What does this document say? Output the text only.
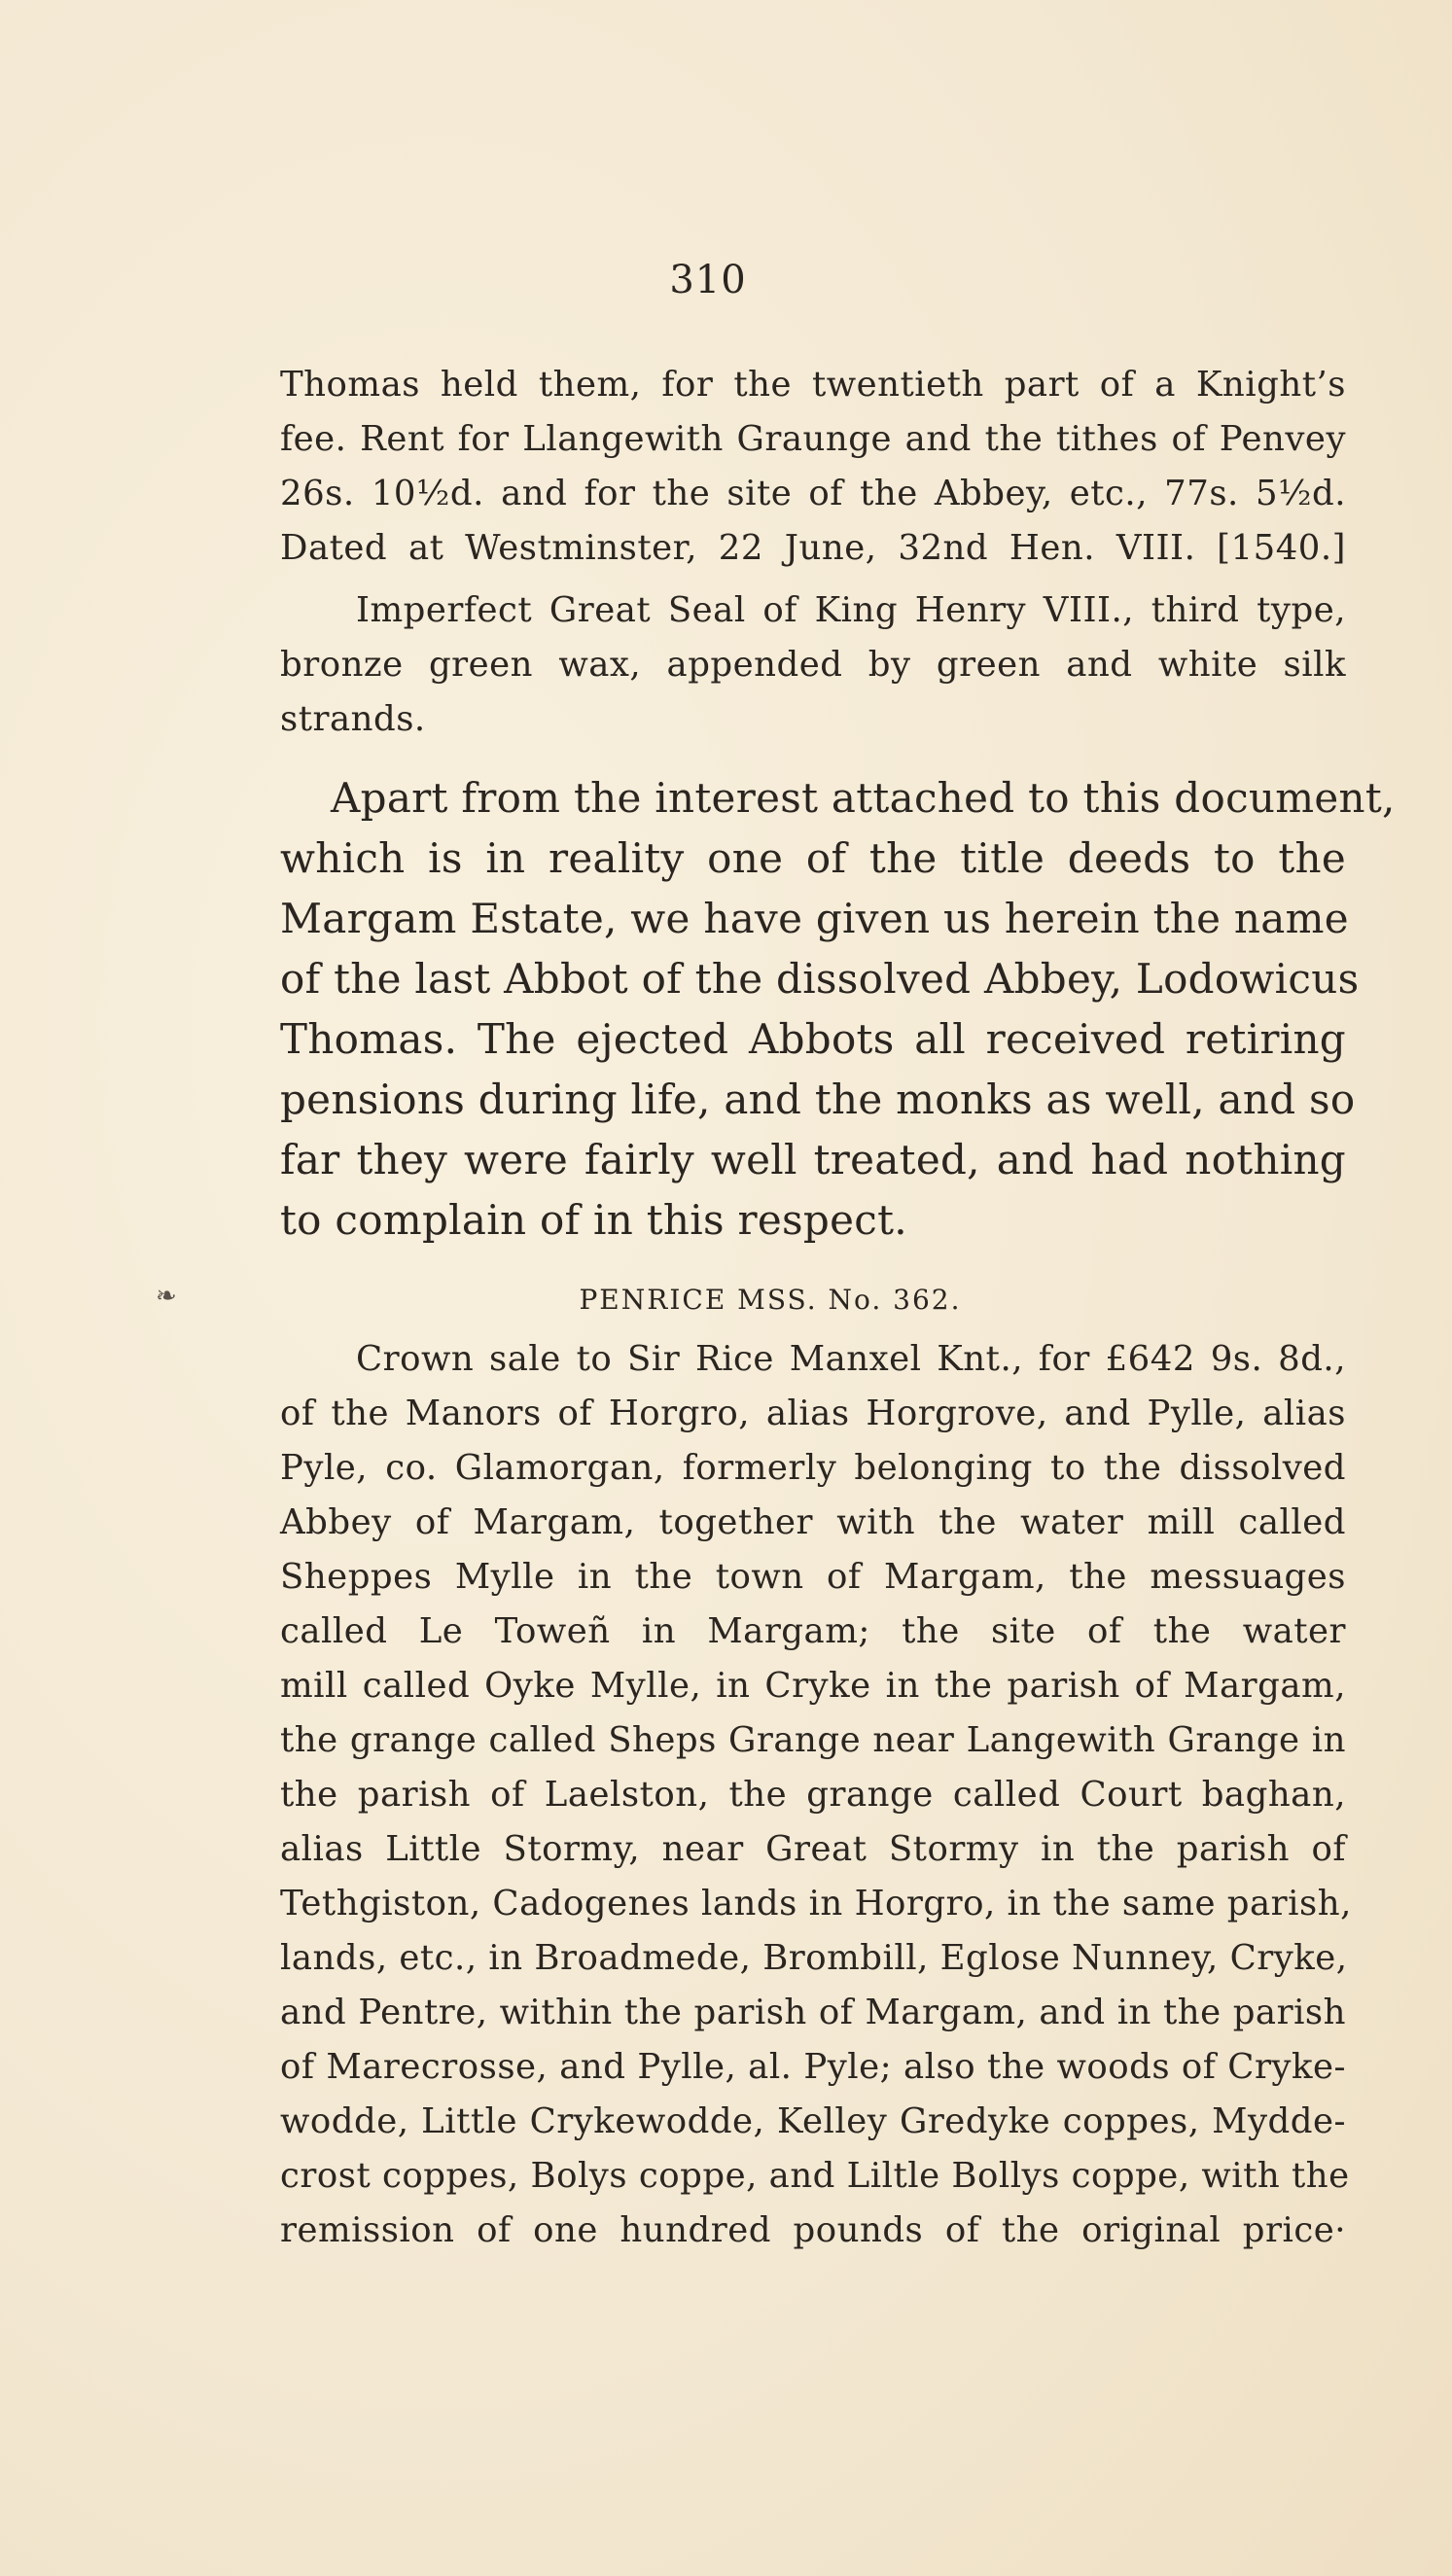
310
Thomas held them, for the twentieth part of a Knight’s
fee. Rent for Llangewith Graunge and the tithes of Penvey
26s. 10½d. and for the site of the Abbey, etc., 77s. 5½d.
Dated at Westminster, 22 June, 32nd Hen. VIII. [1540.]
Imperfect Great Seal of King Henry VIII., third type,
bronze green wax, appended by green and white silk
strands.
Apart from the interest attached to this document,
which is in reality one of the title deeds to the
Margam Estate, we have given us herein the name
of the last Abbot of the dissolved Abbey, Lodowicus
Thomas. The ejected Abbots all received retiring
pensions during life, and the monks as well, and so
far they were fairly well treated, and had nothing
to complain of in this respect.
PENRICE MSS. No. 362.
Crown sale to Sir Rice Manxel Knt., for £642 9s. 8d.,
of the Manors of Horgro, alias Horgrove, and Pylle, alias
Pyle, co. Glamorgan, formerly belonging to the dissolved
Abbey of Margam, together with the water mill called
Sheppes Mylle in the town of Margam, the messuages
called Le Toweñ in Margam; the site of the water
mill called Oyke Mylle, in Cryke in the parish of Margam,
the grange called Sheps Grange near Langewith Grange in
the parish of Laelston, the grange called Court baghan,
alias Little Stormy, near Great Stormy in the parish of
Tethgiston, Cadogenes lands in Horgro, in the same parish,
lands, etc., in Broadmede, Brombill, Eglose Nunney, Cryke,
and Pentre, within the parish of Margam, and in the parish
of Marecrosse, and Pylle, al. Pyle; also the woods of Cryke-
wodde, Little Crykewodde, Kelley Gredyke coppes, Mydde-
crost coppes, Bolys coppe, and Liltle Bollys coppe, with the
remission of one hundred pounds of the original price·
❧
